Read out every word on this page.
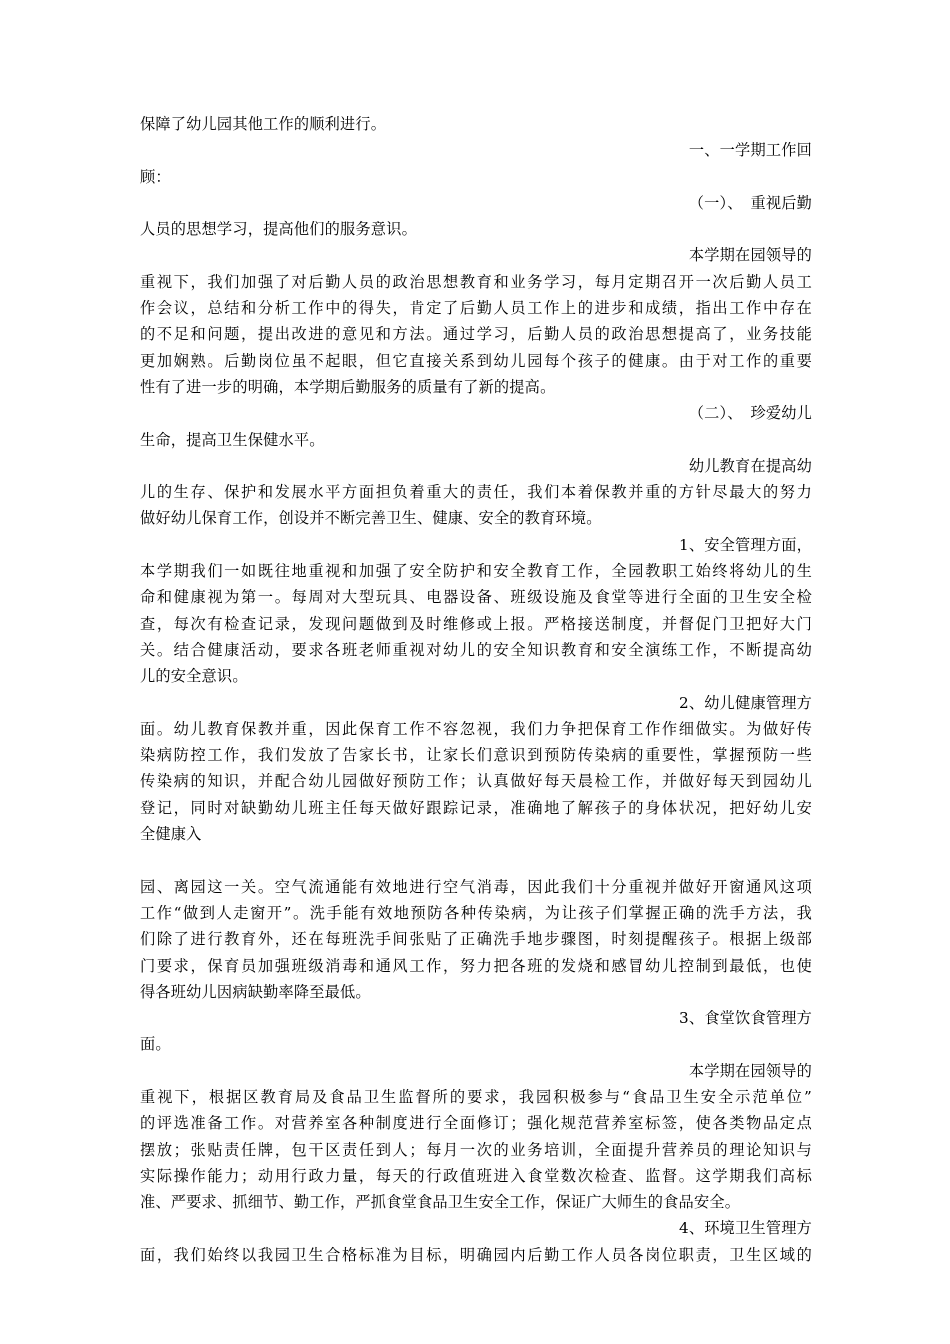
保障了幼儿园其他工作的顺利进行。
一、一学期工作回
顾：
（一）、　重视后勤
人员的思想学习，提高他们的服务意识。
本学期在园领导的
重视下，我们加强了对后勤人员的政治思想教育和业务学习，每月定期召开一次后勤人员工
作会议，总结和分析工作中的得失，肯定了后勤人员工作上的进步和成绩，指出工作中存在
的不足和问题，提出改进的意见和方法。通过学习，后勤人员的政治思想提高了，业务技能
更加娴熟。后勤岗位虽不起眼，但它直接关系到幼儿园每个孩子的健康。由于对工作的重要
性有了进一步的明确，本学期后勤服务的质量有了新的提高。
（二）、　珍爱幼儿
生命，提高卫生保健水平。
幼儿教育在提高幼
儿的生存、保护和发展水平方面担负着重大的责任，我们本着保教并重的方针尽最大的努力
做好幼儿保育工作，创设并不断完善卫生、健康、安全的教育环境。
1、安全管理方面，
本学期我们一如既往地重视和加强了安全防护和安全教育工作，全园教职工始终将幼儿的生
命和健康视为第一。每周对大型玩具、电器设备、班级设施及食堂等进行全面的卫生安全检
查，每次有检查记录，发现问题做到及时维修或上报。严格接送制度，并督促门卫把好大门
关。结合健康活动，要求各班老师重视对幼儿的安全知识教育和安全演练工作，不断提高幼
儿的安全意识。
2、幼儿健康管理方
面。幼儿教育保教并重，因此保育工作不容忽视，我们力争把保育工作作细做实。为做好传
染病防控工作，我们发放了告家长书，让家长们意识到预防传染病的重要性，掌握预防一些
传染病的知识，并配合幼儿园做好预防工作；认真做好每天晨检工作，并做好每天到园幼儿
登记，同时对缺勤幼儿班主任每天做好跟踪记录，准确地了解孩子的身体状况，把好幼儿安
全健康入
园、离园这一关。空气流通能有效地进行空气消毒，因此我们十分重视并做好开窗通风这项
工作“做到人走窗开”。洗手能有效地预防各种传染病，为让孩子们掌握正确的洗手方法，我
们除了进行教育外，还在每班洗手间张贴了正确洗手地步骤图，时刻提醒孩子。根据上级部
门要求，保育员加强班级消毒和通风工作，努力把各班的发烧和感冒幼儿控制到最低，也使
得各班幼儿因病缺勤率降至最低。
3、食堂饮食管理方
面。
本学期在园领导的
重视下，根据区教育局及食品卫生监督所的要求，我园积极参与“食品卫生安全示范单位”
的评选准备工作。对营养室各种制度进行全面修订；强化规范营养室标签，使各类物品定点
摆放；张贴责任牌，包干区责任到人；每月一次的业务培训，全面提升营养员的理论知识与
实际操作能力；动用行政力量，每天的行政值班进入食堂数次检查、监督。这学期我们高标
准、严要求、抓细节、勤工作，严抓食堂食品卫生安全工作，保证广大师生的食品安全。
4、环境卫生管理方
面，我们始终以我园卫生合格标准为目标，明确园内后勤工作人员各岗位职责，卫生区域的
